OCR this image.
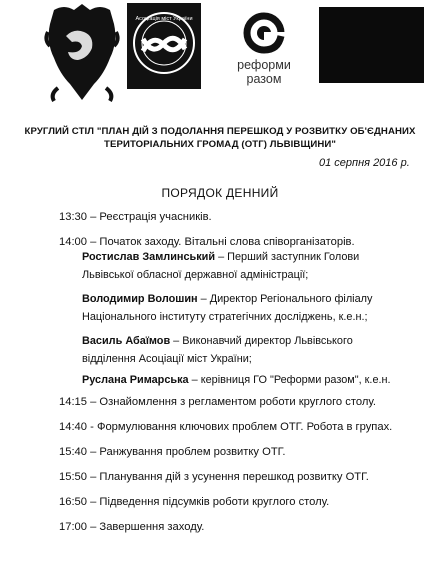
Асоціація міст України
реформи
разом
КРУГЛИЙ СТІЛ "ПЛАН ДІЙ З ПОДОЛАННЯ ПЕРЕШКОД У РОЗВИТКУ ОБ'ЄДНАНИХ
ТЕРИТОРІАЛЬНИХ ГРОМАД (ОТГ) ЛЬВІВЩИНИ"
01 серпня 2016 р.
ПОРЯДОК ДЕННИЙ
13:30 – Реєстрація учасників.
14:00 – Початок заходу. Вітальні слова співорганізаторів.
Ростислав Замлинський – Перший заступник Голови
Львівської обласної державної адміністрації;
Володимир Волошин – Директор Регіонального філіалу
Національного інституту стратегічних досліджень, к.е.н.;
Василь Абаїмов – Виконавчий директор Львівського
відділення Асоціації міст України;
Руслана Римарська – керівниця ГО "Реформи разом", к.е.н.
14:15 – Ознайомлення з регламентом роботи круглого столу.
14:40 - Формулювання ключових проблем ОТГ. Робота в групах.
15:40 – Ранжування проблем розвитку ОТГ.
15:50 – Планування дій з усунення перешкод розвитку ОТГ.
16:50 – Підведення підсумків роботи круглого столу.
17:00 – Завершення заходу.
